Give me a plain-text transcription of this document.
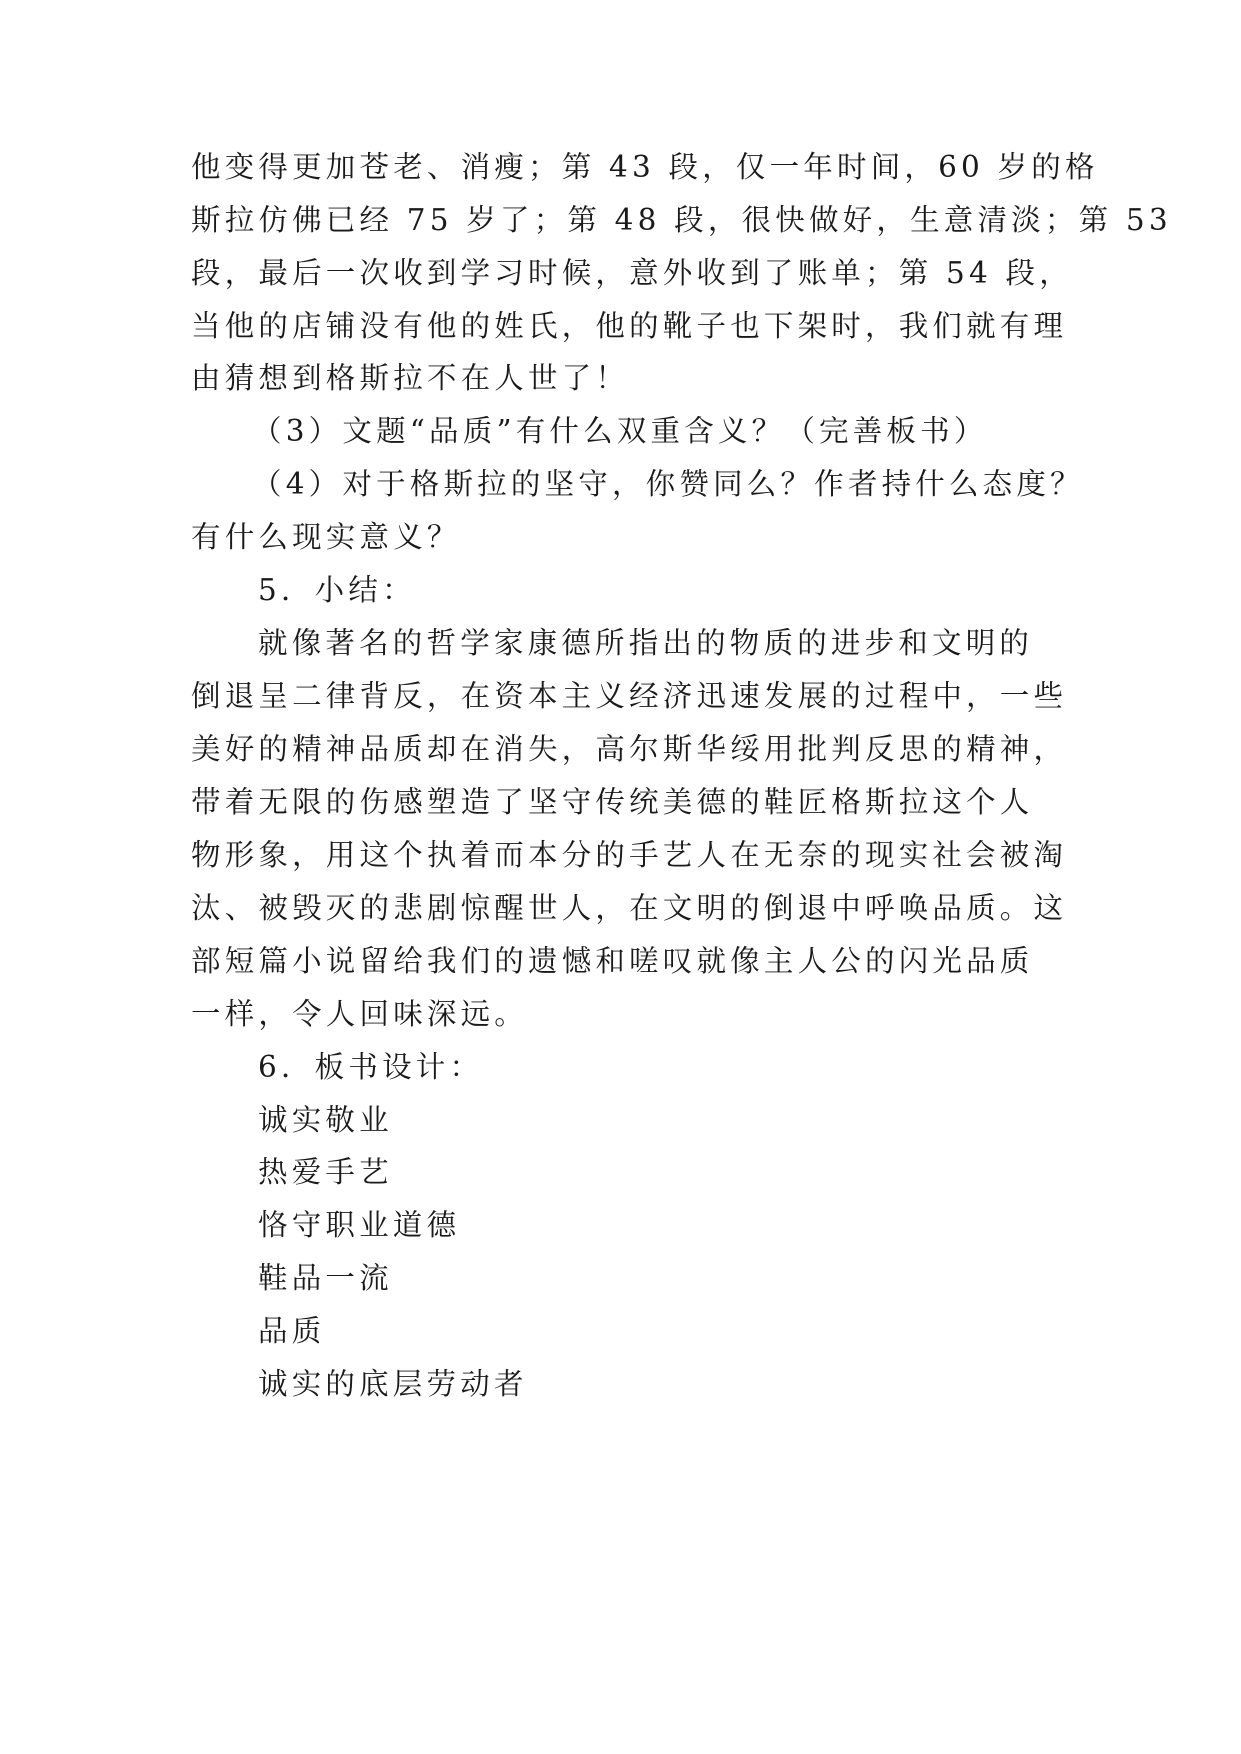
他变得更加苍老、消瘦；第 43 段，仅一年时间，60 岁的格
斯拉仿佛已经 75 岁了；第 48 段，很快做好，生意清淡；第 53
段，最后一次收到学习时候，意外收到了账单；第 54 段，
当他的店铺没有他的姓氏，他的靴子也下架时，我们就有理
由猜想到格斯拉不在人世了！
（3）文题“品质”有什么双重含义？（完善板书）
（4）对于格斯拉的坚守，你赞同么？作者持什么态度？
有什么现实意义？
5．小结：
就像著名的哲学家康德所指出的物质的进步和文明的
倒退呈二律背反，在资本主义经济迅速发展的过程中，一些
美好的精神品质却在消失，高尔斯华绥用批判反思的精神，
带着无限的伤感塑造了坚守传统美德的鞋匠格斯拉这个人
物形象，用这个执着而本分的手艺人在无奈的现实社会被淘
汰、被毁灭的悲剧惊醒世人，在文明的倒退中呼唤品质。这
部短篇小说留给我们的遗憾和嗟叹就像主人公的闪光品质
一样，令人回味深远。
6．板书设计：
诚实敬业
热爱手艺
恪守职业道德
鞋品一流
品质
诚实的底层劳动者
